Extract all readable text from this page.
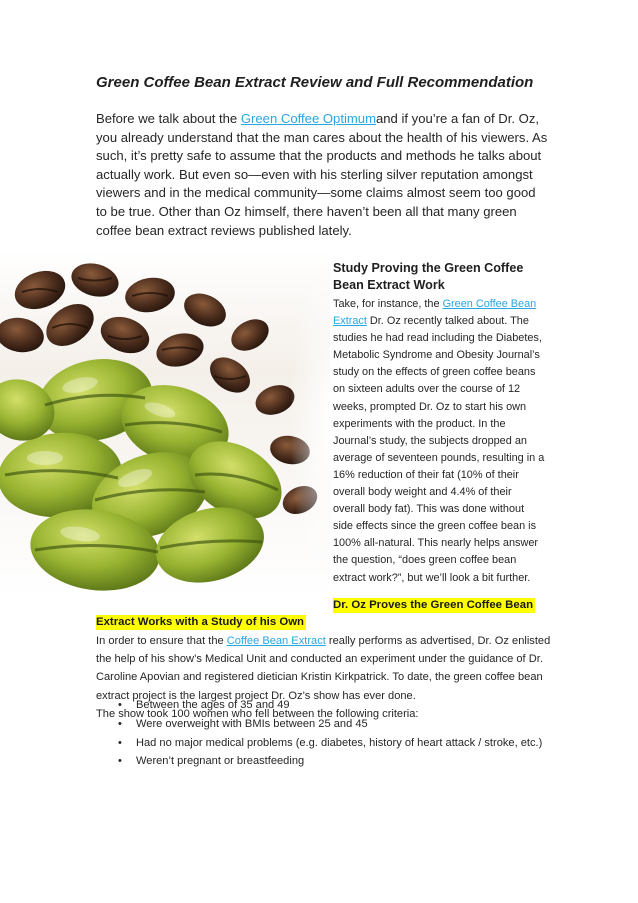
Green Coffee Bean Extract Review and Full Recommendation
Before we talk about the Green Coffee Optimumand if you’re a fan of Dr. Oz, you already understand that the man cares about the health of his viewers. As such, it’s pretty safe to assume that the products and methods he talks about actually work. But even so—even with his sterling silver reputation amongst viewers and in the medical community—some claims almost seem too good to be true. Other than Oz himself, there haven’t been all that many green coffee bean extract reviews published lately.
Study Proving the Green Coffee Bean Extract Work
Take, for instance, the Green Coffee Bean Extract Dr. Oz recently talked about. The studies he had read including the Diabetes, Metabolic Syndrome and Obesity Journal’s study on the effects of green coffee beans on sixteen adults over the course of 12 weeks, prompted Dr. Oz to start his own experiments with the product. In the Journal’s study, the subjects dropped an average of seventeen pounds, resulting in a 16% reduction of their fat (10% of their overall body weight and 4.4% of their overall body fat). This was done without side effects since the green coffee bean is 100% all-natural. This nearly helps answer the question, “does green coffee bean extract work?”, but we’ll look a bit further.
Dr. Oz Proves the Green Coffee Bean
Extract Works with a Study of his Own
In order to ensure that the Coffee Bean Extract really performs as advertised, Dr. Oz enlisted the help of his show’s Medical Unit and conducted an experiment under the guidance of Dr. Caroline Apovian and registered dietician Kristin Kirkpatrick. To date, the green coffee bean extract project is the largest project Dr. Oz’s show has ever done.
The show took 100 women who fell between the following criteria:
• Between the ages of 35 and 49
• Were overweight with BMIs between 25 and 45
• Had no major medical problems (e.g. diabetes, history of heart attack / stroke, etc.)
• Weren’t pregnant or breastfeeding
